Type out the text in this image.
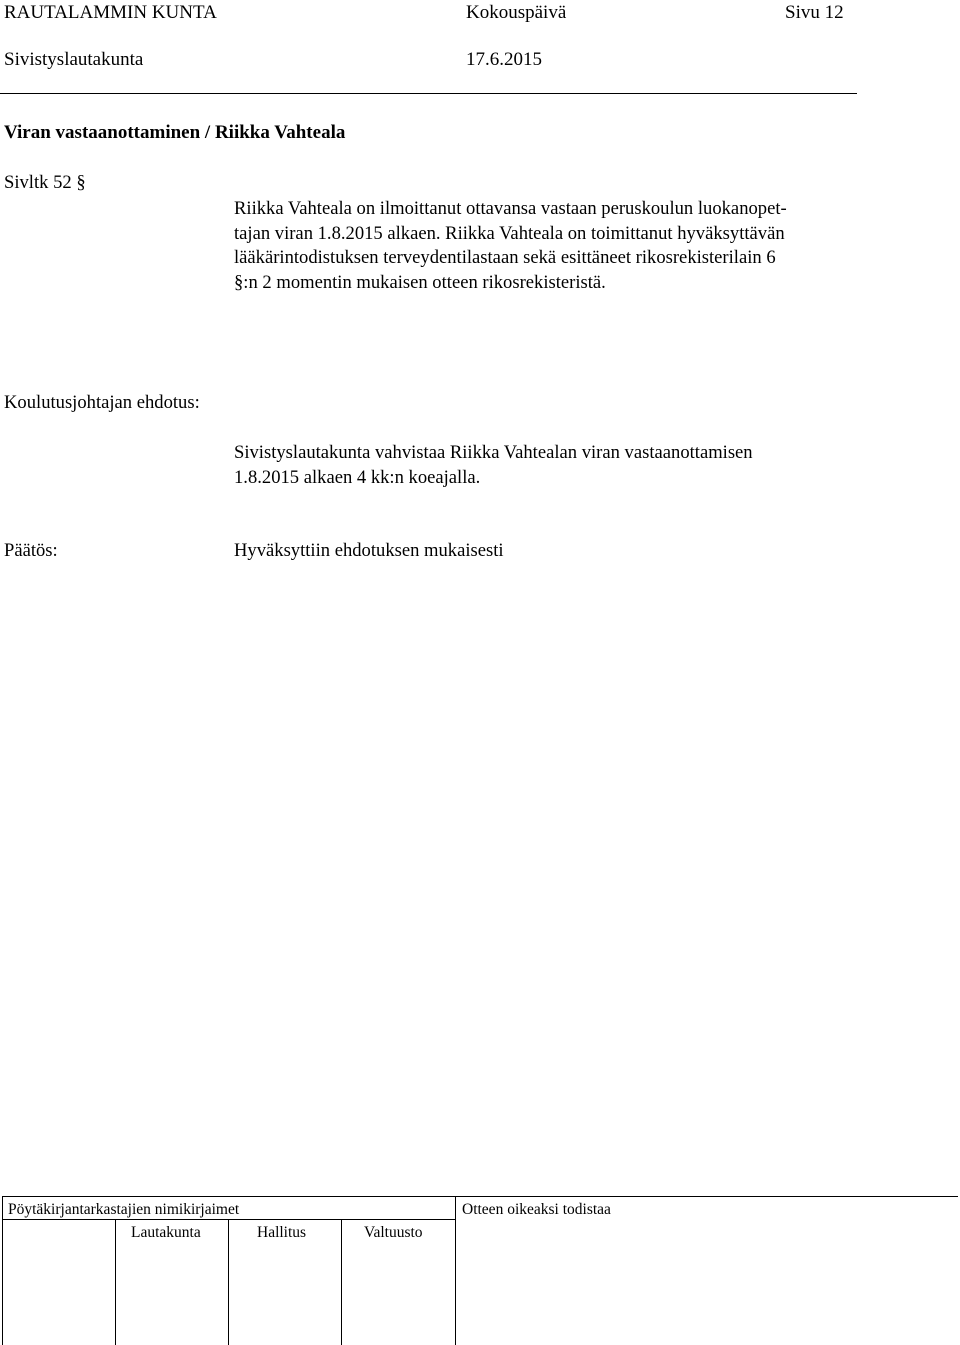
RAUTALAMMIN KUNTA	Kokouspäivä	Sivu 12
Sivistyslautakunta	17.6.2015
Viran vastaanottaminen / Riikka Vahteala
Sivltk 52 §
Riikka Vahteala on ilmoittanut ottavansa vastaan peruskoulun luokanopet-
tajan viran 1.8.2015 alkaen. Riikka Vahteala on toimittanut hyväksyttävän
lääkärintodistuksen terveydentilastaan sekä esittäneet rikosrekisterilain 6
§:n 2 momentin mukaisen otteen rikosrekisteristä.
Koulutusjohtajan ehdotus:
Sivistyslautakunta vahvistaa Riikka Vahtealan viran vastaanottamisen
1.8.2015 alkaen 4 kk:n koeajalla.
Päätös:	Hyväksyttiin ehdotuksen mukaisesti
Pöytäkirjantarkastajien nimikirjaimet
Lautakunta	Hallitus	Valtuusto
Otteen oikeaksi todistaa
